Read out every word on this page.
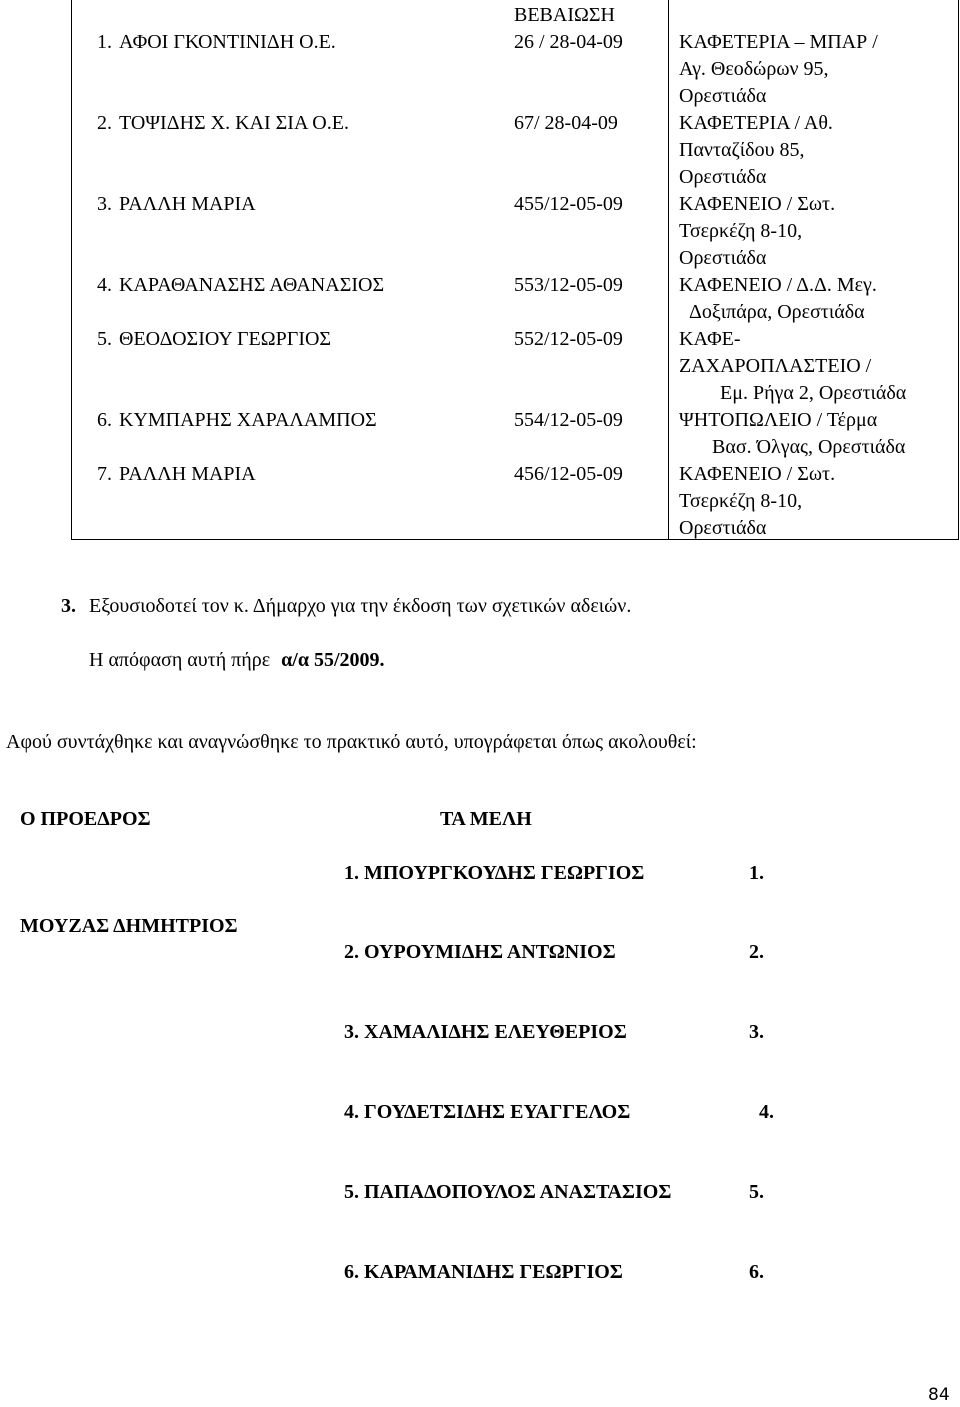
ΒΕΒΑΙΩΣΗ
1. ΑΦΟΙ ΓΚΟΝΤΙΝΙΔΗ Ο.Ε.	26 / 28-04-09	ΚΑΦΕΤΕΡΙΑ – ΜΠΑΡ /
Αγ. Θεοδώρων 95,
Ορεστιάδα
2. ΤΟΨΙΔΗΣ Χ. ΚΑΙ ΣΙΑ Ο.Ε.	67/ 28-04-09	ΚΑΦΕΤΕΡΙΑ / Αθ.
Πανταζίδου 85,
Ορεστιάδα
3. ΡΑΛΛΗ ΜΑΡΙΑ	455/12-05-09	ΚΑΦΕΝΕΙΟ / Σωτ.
Τσερκέζη 8-10,
Ορεστιάδα
4. ΚΑΡΑΘΑΝΑΣΗΣ ΑΘΑΝΑΣΙΟΣ	553/12-05-09	ΚΑΦΕΝΕΙΟ / Δ.Δ. Μεγ.
Δοξιπάρα, Ορεστιάδα
5. ΘΕΟΔΟΣΙΟΥ ΓΕΩΡΓΙΟΣ	552/12-05-09	ΚΑΦΕ-
ΖΑΧΑΡΟΠΛΑΣΤΕΙΟ /
Εμ. Ρήγα 2, Ορεστιάδα
6. ΚΥΜΠΑΡΗΣ ΧΑΡΑΛΑΜΠΟΣ	554/12-05-09	ΨΗΤΟΠΩΛΕΙΟ / Τέρμα
Βασ. Όλγας, Ορεστιάδα
7. ΡΑΛΛΗ ΜΑΡΙΑ	456/12-05-09	ΚΑΦΕΝΕΙΟ / Σωτ.
Τσερκέζη 8-10,
Ορεστιάδα
3. Εξουσιοδοτεί τον κ. Δήμαρχο για την έκδοση των σχετικών αδειών.
Η απόφαση αυτή πήρε α/α 55/2009.
Αφού συντάχθηκε και αναγνώσθηκε το πρακτικό αυτό, υπογράφεται όπως ακολουθεί:
Ο ΠΡΟΕΔΡΟΣ	ΤΑ ΜΕΛΗ
ΜΟΥΖΑΣ ΔΗΜΗΤΡΙΟΣ
1. ΜΠΟΥΡΓΚΟΥΔΗΣ ΓΕΩΡΓΙΟΣ	1.
2. ΟΥΡΟΥΜΙΔΗΣ ΑΝΤΩΝΙΟΣ	2.
3. ΧΑΜΑΛΙΔΗΣ ΕΛΕΥΘΕΡΙΟΣ	3.
4. ΓΟΥΔΕΤΣΙΔΗΣ ΕΥΑΓΓΕΛΟΣ	4.
5. ΠΑΠΑΔΟΠΟΥΛΟΣ ΑΝΑΣΤΑΣΙΟΣ	5.
6. ΚΑΡΑΜΑΝΙΔΗΣ ΓΕΩΡΓΙΟΣ	6.
84
